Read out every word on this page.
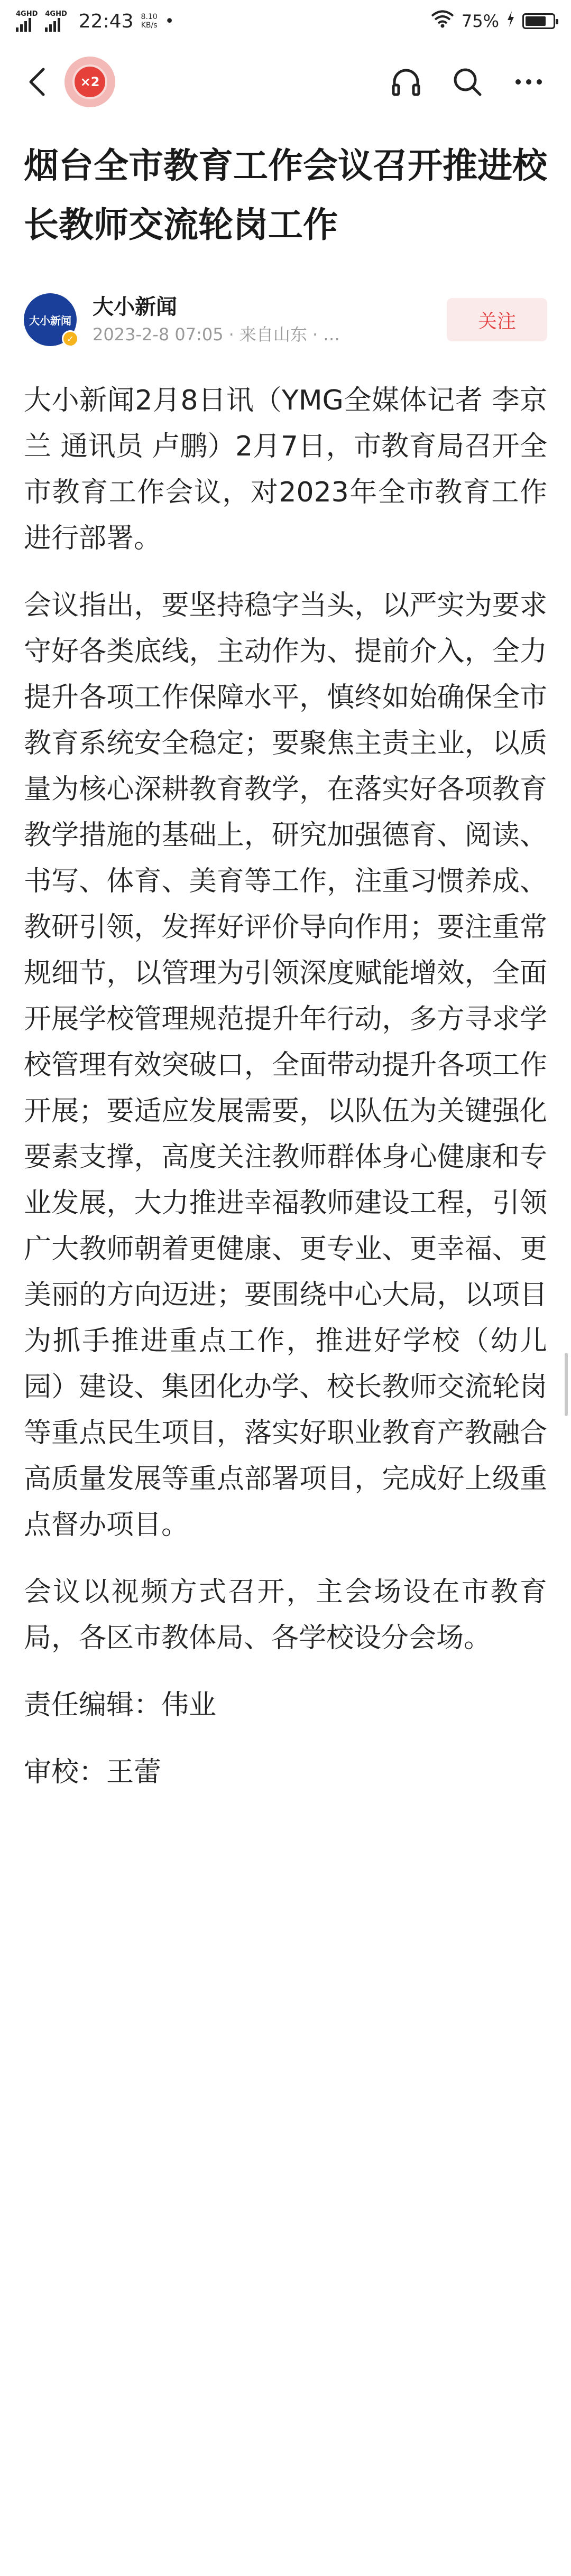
4GHD 4GHD 22:43 8.10
KB/s •	75%
×2
烟台全市教育工作会议召开推进校长教师交流轮岗工作
大小新闻
✓
大小新闻
2023-2-8 07:05 · 来自山东 · …
关注

大小新闻2月8日讯（YMG全媒体记者 李京兰 通讯员 卢鹏）2月7日，市教育局召开全市教育工作会议，对2023年全市教育工作进行部署。

会议指出，要坚持稳字当头，以严实为要求守好各类底线，主动作为、提前介入，全力提升各项工作保障水平，慎终如始确保全市教育系统安全稳定；要聚焦主责主业，以质量为核心深耕教育教学，在落实好各项教育教学措施的基础上，研究加强德育、阅读、书写、体育、美育等工作，注重习惯养成、教研引领，发挥好评价导向作用；要注重常规细节，以管理为引领深度赋能增效，全面开展学校管理规范提升年行动，多方寻求学校管理有效突破口，全面带动提升各项工作开展；要适应发展需要，以队伍为关键强化要素支撑，高度关注教师群体身心健康和专业发展，大力推进幸福教师建设工程，引领广大教师朝着更健康、更专业、更幸福、更美丽的方向迈进；要围绕中心大局，以项目为抓手推进重点工作，推进好学校（幼儿园）建设、集团化办学、校长教师交流轮岗等重点民生项目，落实好职业教育产教融合高质量发展等重点部署项目，完成好上级重点督办项目。

会议以视频方式召开，主会场设在市教育局，各区市教体局、各学校设分会场。

责任编辑：伟业

审校：王蕾
